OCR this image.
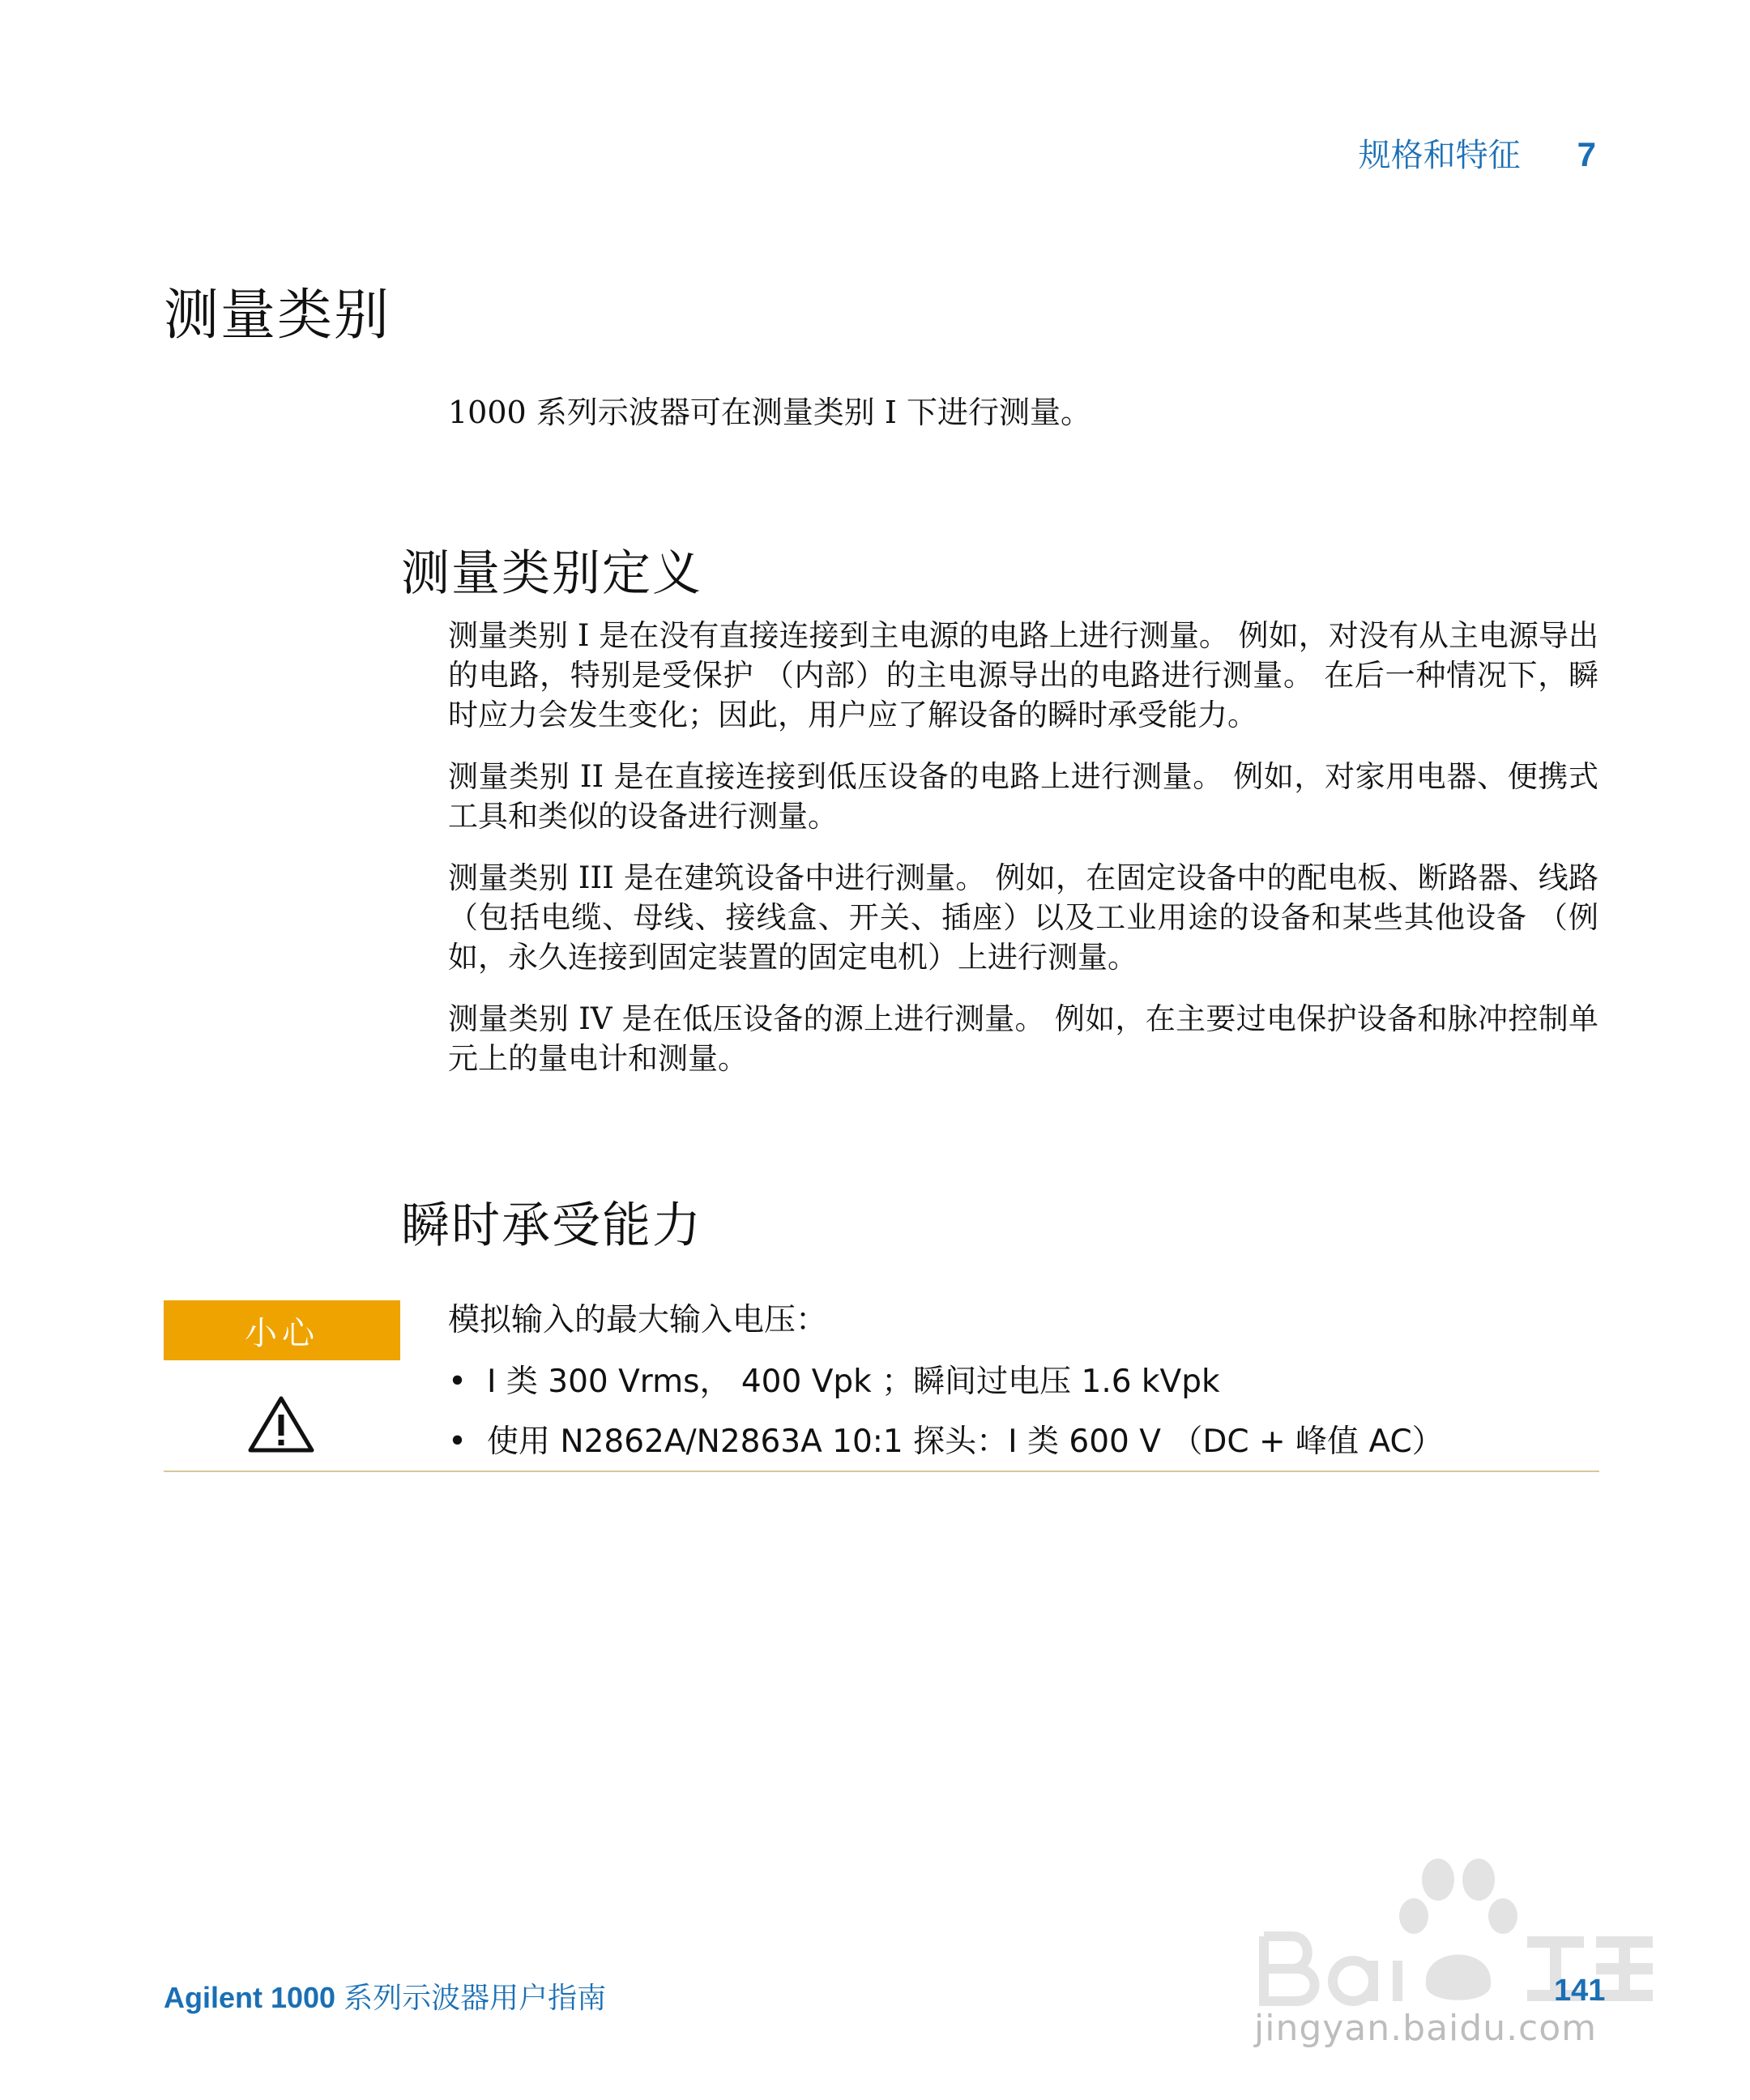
规格和特征 7
测量类别

1000 系列示波器可在测量类别 I 下进行测量。

测量类别定义

测量类别 I 是在没有直接连接到主电源的电路上进行测量。 例如，对没有从主电源导出的电路，特别是受保护 （内部）的主电源导出的电路进行测量。 在后一种情况下，瞬时应力会发生变化；因此，用户应了解设备的瞬时承受能力。

测量类别 II 是在直接连接到低压设备的电路上进行测量。 例如，对家用电器、便携式工具和类似的设备进行测量。

测量类别 III 是在建筑设备中进行测量。 例如，在固定设备中的配电板、断路器、线路 （包括电缆、母线、接线盒、开关、插座）以及工业用途的设备和某些其他设备 （例如，永久连接到固定装置的固定电机）上进行测量。

测量类别 IV 是在低压设备的源上进行测量。 例如，在主要过电保护设备和脉冲控制单元上的量电计和测量。

瞬时承受能力
小心	模拟输入的最大输入电压：

• I 类 300 Vrms， 400 Vpk ；瞬间过电压 1.6 kVpk
• 使用 N2862A/N2863A 10:1 探头：I 类 600 V （DC + 峰值 AC）
jingyan.baidu.com
Agilent 1000 系列示波器用户指南	141
